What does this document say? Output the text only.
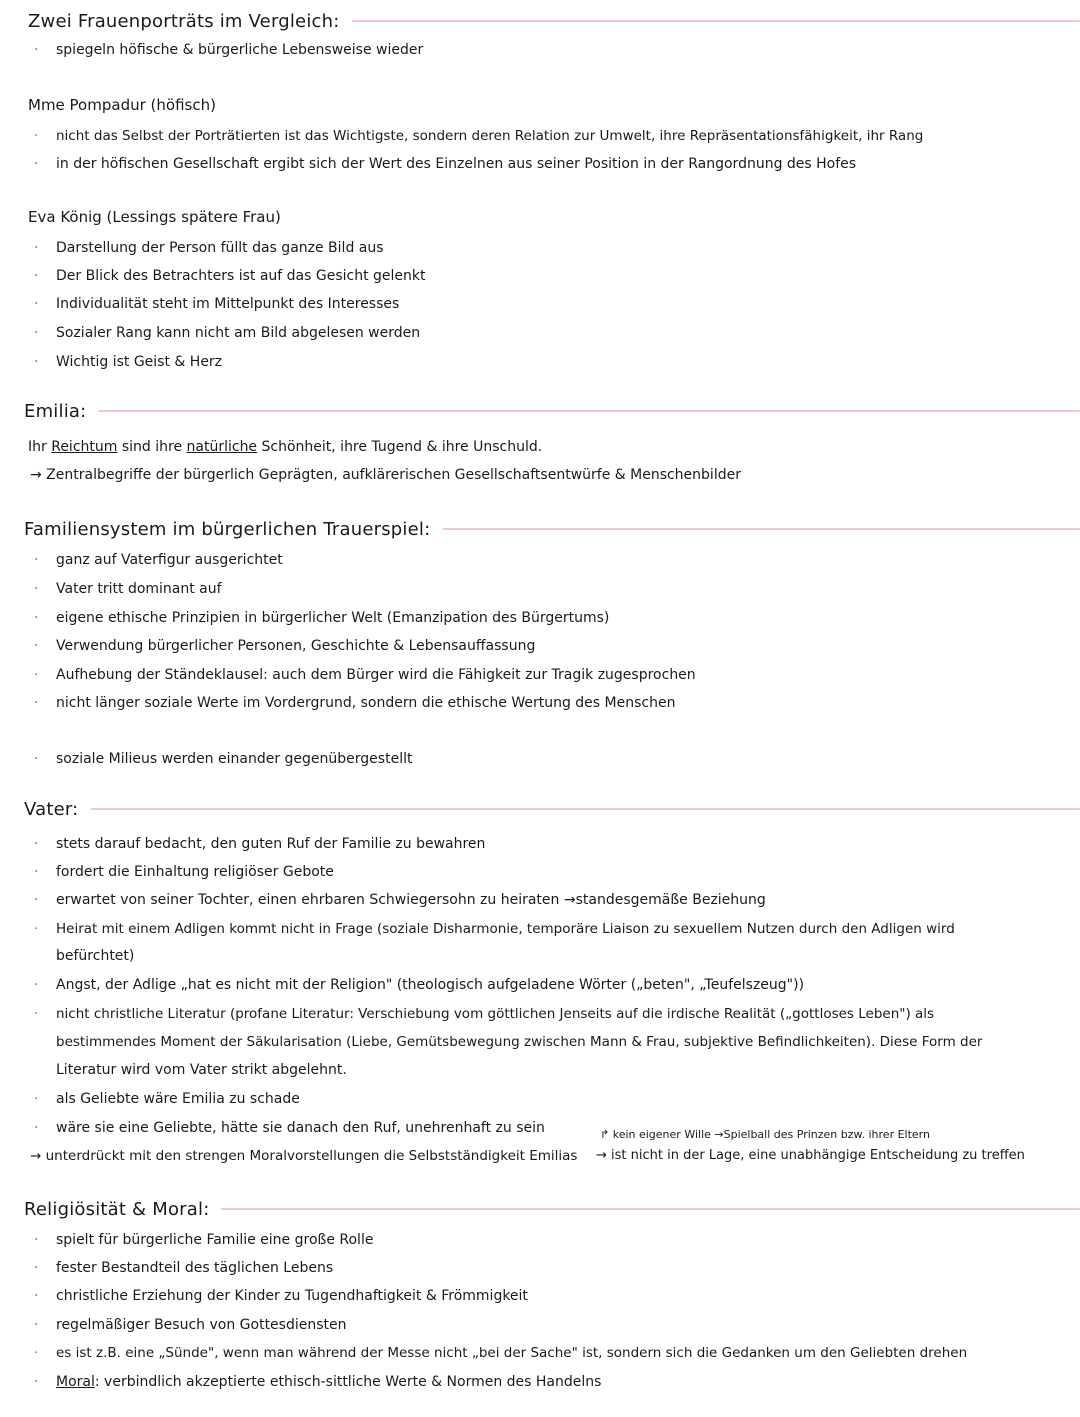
Zwei Frauenporträts im Vergleich:
· spiegeln höfische & bürgerliche Lebensweise wieder
Mme Pompadur (höfisch)
· nicht das Selbst der Porträtierten ist das Wichtigste, sondern deren Relation zur Umwelt, ihre Repräsentationsfähigkeit, ihr Rang
· in der höfischen Gesellschaft ergibt sich der Wert des Einzelnen aus seiner Position in der Rangordnung des Hofes
Eva König (Lessings spätere Frau)
· Darstellung der Person füllt das ganze Bild aus
· Der Blick des Betrachters ist auf das Gesicht gelenkt
· Individualität steht im Mittelpunkt des Interesses
· Sozialer Rang kann nicht am Bild abgelesen werden
· Wichtig ist Geist & Herz
Emilia:
Ihr Reichtum sind ihre natürliche Schönheit, ihre Tugend & ihre Unschuld.
→ Zentralbegriffe der bürgerlich Geprägten, aufklärerischen Gesellschaftsentwürfe & Menschenbilder
Familiensystem im bürgerlichen Trauerspiel:
· ganz auf Vaterfigur ausgerichtet
· Vater tritt dominant auf
· eigene ethische Prinzipien in bürgerlicher Welt (Emanzipation des Bürgertums)
· Verwendung bürgerlicher Personen, Geschichte & Lebensauffassung
· Aufhebung der Ständeklausel: auch dem Bürger wird die Fähigkeit zur Tragik zugesprochen
· nicht länger soziale Werte im Vordergrund, sondern die ethische Wertung des Menschen
· soziale Milieus werden einander gegenübergestellt
Vater:
· stets darauf bedacht, den guten Ruf der Familie zu bewahren
· fordert die Einhaltung religiöser Gebote
· erwartet von seiner Tochter, einen ehrbaren Schwiegersohn zu heiraten →standesgemäße Beziehung
· Heirat mit einem Adligen kommt nicht in Frage (soziale Disharmonie, temporäre Liaison zu sexuellem Nutzen durch den Adligen wird
befürchtet)
· Angst, der Adlige „hat es nicht mit der Religion" (theologisch aufgeladene Wörter („beten", „Teufelszeug"))
· nicht christliche Literatur (profane Literatur: Verschiebung vom göttlichen Jenseits auf die irdische Realität („gottloses Leben") als
bestimmendes Moment der Säkularisation (Liebe, Gemütsbewegung zwischen Mann & Frau, subjektive Befindlichkeiten). Diese Form der
Literatur wird vom Vater strikt abgelehnt.
· als Geliebte wäre Emilia zu schade
· wäre sie eine Geliebte, hätte sie danach den Ruf, unehrenhaft zu sein	↱ kein eigener Wille →Spielball des Prinzen bzw. ihrer Eltern
→ unterdrückt mit den strengen Moralvorstellungen die Selbstständigkeit Emilias → ist nicht in der Lage, eine unabhängige Entscheidung zu treffen
Religiösität & Moral:
· spielt für bürgerliche Familie eine große Rolle
· fester Bestandteil des täglichen Lebens
· christliche Erziehung der Kinder zu Tugendhaftigkeit & Frömmigkeit
· regelmäßiger Besuch von Gottesdiensten
· es ist z.B. eine „Sünde", wenn man während der Messe nicht „bei der Sache" ist, sondern sich die Gedanken um den Geliebten drehen
· Moral: verbindlich akzeptierte ethisch-sittliche Werte & Normen des Handelns
